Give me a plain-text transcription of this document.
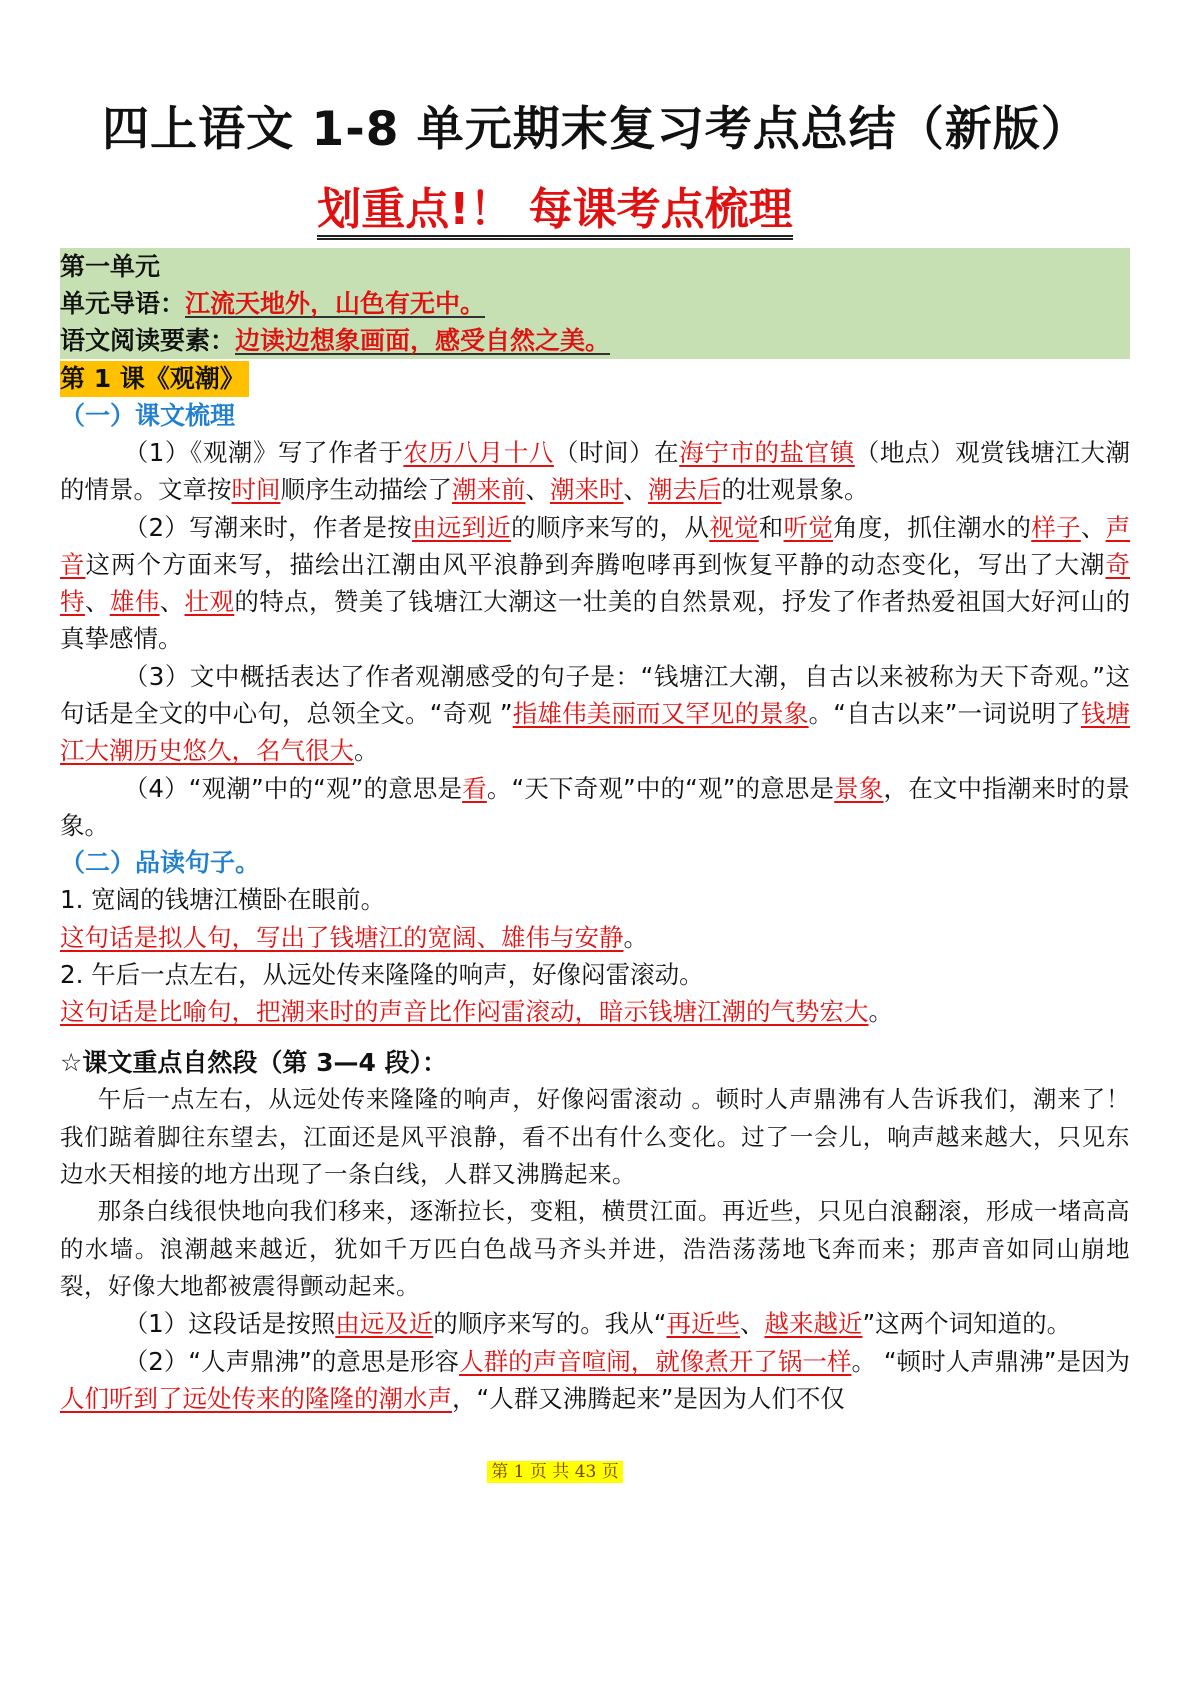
四上语文 1-8 单元期末复习考点总结（新版）
划重点!！ 每课考点梳理
第一单元
单元导语：江流天地外，山色有无中。
语文阅读要素：边读边想象画面，感受自然之美。
第 1 课《观潮》
（一）课文梳理
（1）《观潮》写了作者于农历八月十八（时间）在海宁市的盐官镇（地点）观赏钱塘江大潮的情景。文章按时间顺序生动描绘了潮来前、潮来时、潮去后的壮观景象。
（2）写潮来时，作者是按由远到近的顺序来写的，从视觉和听觉角度，抓住潮水的样子、声音这两个方面来写，描绘出江潮由风平浪静到奔腾咆哮再到恢复平静的动态变化，写出了大潮奇特、雄伟、壮观的特点，赞美了钱塘江大潮这一壮美的自然景观，抒发了作者热爱祖国大好河山的真挚感情。
（3）文中概括表达了作者观潮感受的句子是：“钱塘江大潮，自古以来被称为天下奇观。”这句话是全文的中心句，总领全文。“奇观 ”指雄伟美丽而又罕见的景象。“自古以来”一词说明了钱塘江大潮历史悠久，名气很大。
（4）“观潮”中的“观”的意思是看。“天下奇观”中的“观”的意思是景象，在文中指潮来时的景象。
（二）品读句子。
1. 宽阔的钱塘江横卧在眼前。
这句话是拟人句，写出了钱塘江的宽阔、雄伟与安静。
2. 午后一点左右，从远处传来隆隆的响声，好像闷雷滚动。
这句话是比喻句，把潮来时的声音比作闷雷滚动，暗示钱塘江潮的气势宏大。
☆课文重点自然段（第 3—4 段）：
午后一点左右，从远处传来隆隆的响声，好像闷雷滚动 。顿时人声鼎沸有人告诉我们，潮来了！我们踮着脚往东望去，江面还是风平浪静，看不出有什么变化。过了一会儿，响声越来越大，只见东边水天相接的地方出现了一条白线，人群又沸腾起来。
那条白线很快地向我们移来，逐渐拉长，变粗，横贯江面。再近些，只见白浪翻滚，形成一堵高高的水墙。浪潮越来越近，犹如千万匹白色战马齐头并进，浩浩荡荡地飞奔而来；那声音如同山崩地裂，好像大地都被震得颤动起来。
（1）这段话是按照由远及近的顺序来写的。我从“再近些、越来越近”这两个词知道的。
（2）“人声鼎沸”的意思是形容人群的声音喧闹，就像煮开了锅一样。 “顿时人声鼎沸”是因为人们听到了远处传来的隆隆的潮水声，“人群又沸腾起来”是因为人们不仅
第 1 页 共 43 页
